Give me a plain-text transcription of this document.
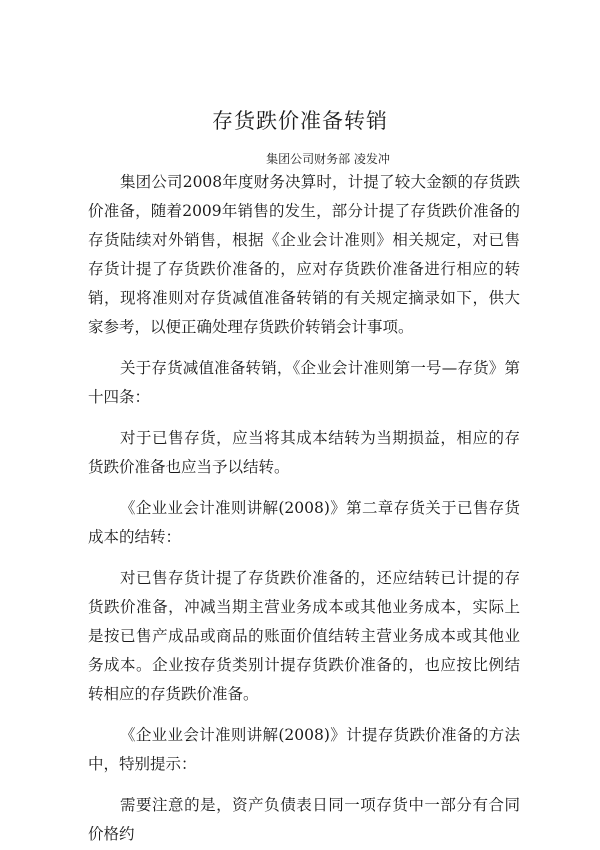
存货跌价准备转销
集团公司财务部 凌发冲

集团公司2008年度财务决算时，计提了较大金额的存货跌价准备，随着2009年销售的发生，部分计提了存货跌价准备的存货陆续对外销售，根据《企业会计准则》相关规定，对已售存货计提了存货跌价准备的，应对存货跌价准备进行相应的转销，现将准则对存货减值准备转销的有关规定摘录如下，供大家参考，以便正确处理存货跌价转销会计事项。

关于存货减值准备转销，《企业会计准则第一号—存货》第十四条：

对于已售存货，应当将其成本结转为当期损益，相应的存货跌价准备也应当予以结转。

《企业业会计准则讲解(2008)》第二章存货关于已售存货成本的结转：

对已售存货计提了存货跌价准备的，还应结转已计提的存货跌价准备，冲减当期主营业务成本或其他业务成本，实际上是按已售产成品或商品的账面价值结转主营业务成本或其他业务成本。企业按存货类别计提存货跌价准备的，也应按比例结转相应的存货跌价准备。

《企业业会计准则讲解(2008)》计提存货跌价准备的方法中，特别提示：

需要注意的是，资产负债表日同一项存货中一部分有合同价格约
